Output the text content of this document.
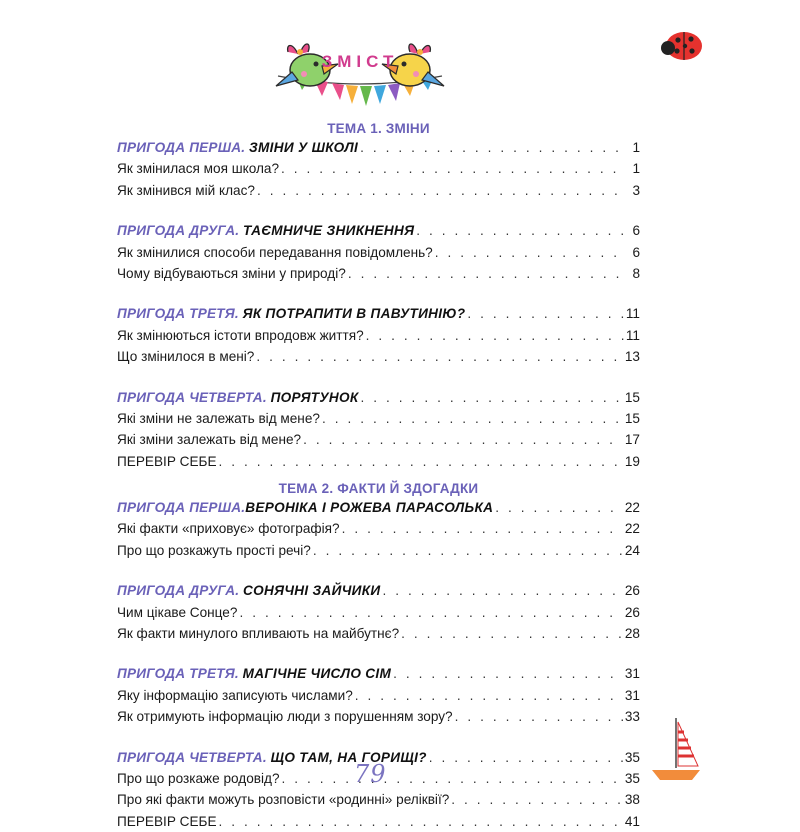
ЗМІСТ
ТЕМА 1. ЗМІНИ
ПРИГОДА ПЕРША. ЗМІНИ У ШКОЛІ . . .	1
Як змінилася моя школа? . . .	1
Як змінився мій клас? . . .	3
ПРИГОДА ДРУГА. ТАЄМНИЧЕ ЗНИКНЕННЯ . . .	6
Як змінилися способи передавання повідомлень? . . .	6
Чому відбуваються зміни у природі? . . .	8
ПРИГОДА ТРЕТЯ. ЯК ПОТРАПИТИ В ПАВУТИНІЮ? . . .	11
Як змінюються істоти впродовж життя? . . .	11
Що змінилося в мені? . . .	13
ПРИГОДА ЧЕТВЕРТА. ПОРЯТУНОК . . .	15
Які зміни не залежать від мене? . . .	15
Які зміни залежать від мене? . . .	17
ПЕРЕВІР СЕБЕ . . .	19
ТЕМА 2. ФАКТИ Й ЗДОГАДКИ
ПРИГОДА ПЕРША.ВЕРОНІКА І РОЖЕВА ПАРАСОЛЬКА . . .	22
Які факти «приховує» фотографія? . . .	22
Про що розкажуть прості речі? . . .	24
ПРИГОДА ДРУГА. СОНЯЧНІ ЗАЙЧИКИ . . .	26
Чим цікаве Сонце? . . .	26
Як факти минулого впливають на майбутнє? . . .	28
ПРИГОДА ТРЕТЯ. МАГІЧНЕ ЧИСЛО СІМ . . .	31
Яку інформацію записують числами? . . .	31
Як отримують інформацію люди з порушенням зору? . . .	33
ПРИГОДА ЧЕТВЕРТА. ЩО ТАМ, НА ГОРИЩІ? . . .	35
Про що розкаже родовід? . . .	35
Про які факти можуть розповісти «родинні» реліквії? . . .	38
ПЕРЕВІР СЕБЕ . . .	41
79
